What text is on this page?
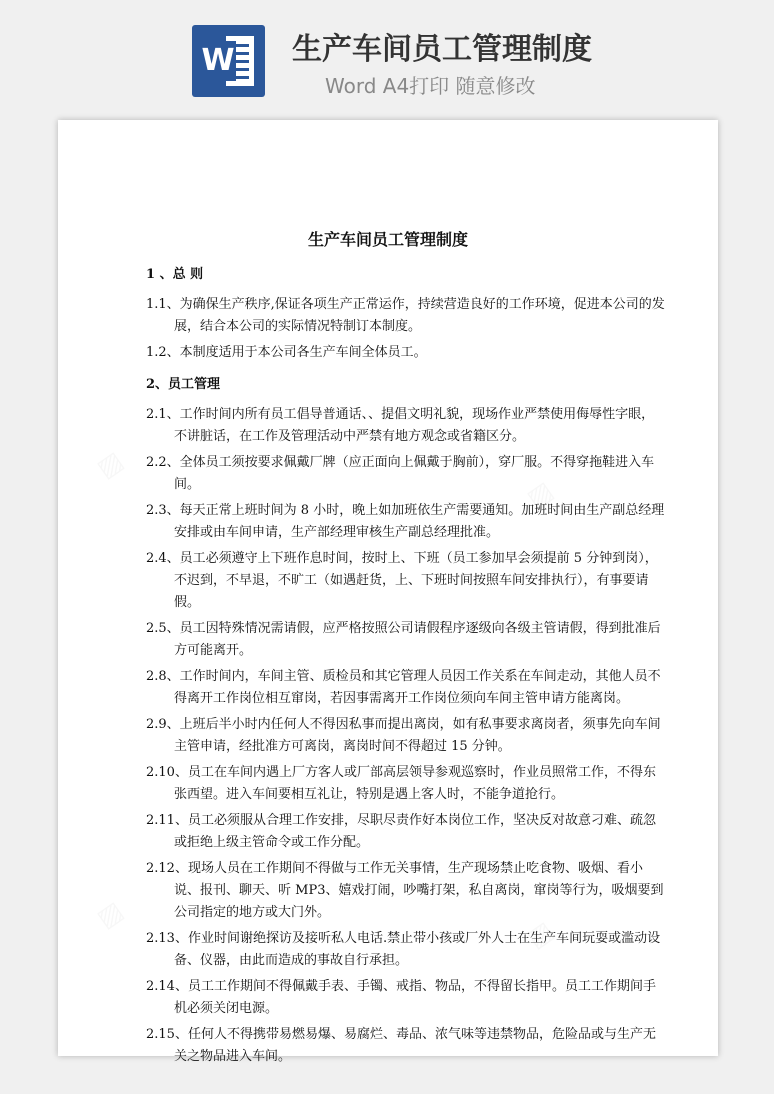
W 生产车间员工管理制度
Word A4打印 随意修改
生产车间员工管理制度
1 、总 则
1.1、为确保生产秩序,保证各项生产正常运作，持续营造良好的工作环境，促进本公司的发展，结合本公司的实际情况特制订本制度。
1.2、本制度适用于本公司各生产车间全体员工。
2、员工管理
2.1、工作时间内所有员工倡导普通话、、提倡文明礼貌，现场作业严禁使用侮辱性字眼，不讲脏话，在工作及管理活动中严禁有地方观念或省籍区分。
2.2、全体员工须按要求佩戴厂牌（应正面向上佩戴于胸前），穿厂服。不得穿拖鞋进入车间。
2.3、每天正常上班时间为 8 小时，晚上如加班依生产需要通知。加班时间由生产副总经理安排或由车间申请，生产部经理审核生产副总经理批准。
2.4、员工必须遵守上下班作息时间，按时上、下班（员工参加早会须提前 5 分钟到岗），不迟到，不早退，不旷工（如遇赶货，上、下班时间按照车间安排执行），有事要请假。
2.5、员工因特殊情况需请假，应严格按照公司请假程序逐级向各级主管请假，得到批准后方可能离开。
2.8、工作时间内，车间主管、质检员和其它管理人员因工作关系在车间走动，其他人员不得离开工作岗位相互窜岗，若因事需离开工作岗位须向车间主管申请方能离岗。
2.9、上班后半小时内任何人不得因私事而提出离岗，如有私事要求离岗者，须事先向车间主管申请，经批准方可离岗，离岗时间不得超过 15 分钟。
2.10、员工在车间内遇上厂方客人或厂部高层领导参观巡察时，作业员照常工作，不得东张西望。进入车间要相互礼让，特别是遇上客人时，不能争道抢行。
2.11、员工必须服从合理工作安排，尽职尽责作好本岗位工作，坚决反对故意刁难、疏忽或拒绝上级主管命令或工作分配。
2.12、现场人员在工作期间不得做与工作无关事情，生产现场禁止吃食物、吸烟、看小说、报刊、聊天、听 MP3、嬉戏打闹，吵嘴打架，私自离岗，窜岗等行为，吸烟要到公司指定的地方或大门外。
2.13、作业时间谢绝探访及接听私人电话.禁止带小孩或厂外人士在生产车间玩耍或滥动设备、仪器，由此而造成的事故自行承担。
2.14、员工工作期间不得佩戴手表、手镯、戒指、物品，不得留长指甲。员工工作期间手机必须关闭电源。
2.15、任何人不得携带易燃易爆、易腐烂、毒品、浓气味等违禁物品，危险品或与生产无关之物品进入车间。
